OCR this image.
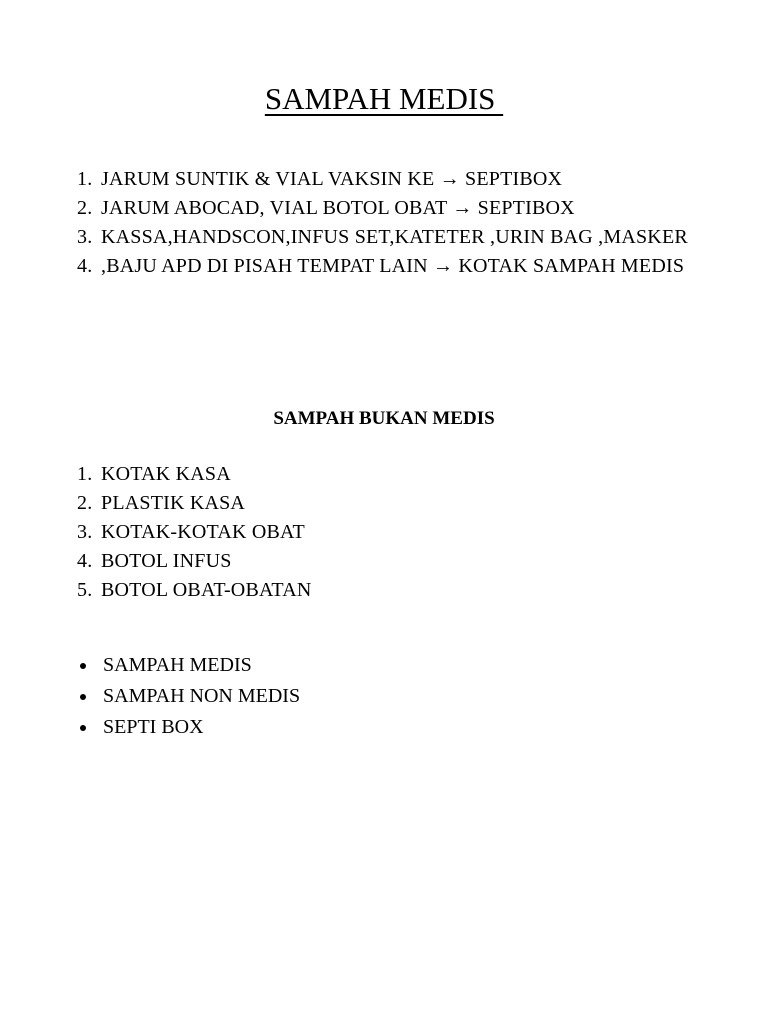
SAMPAH MEDIS
1. JARUM SUNTIK & VIAL VAKSIN KE → SEPTIBOX
2. JARUM ABOCAD, VIAL BOTOL OBAT → SEPTIBOX
3. KASSA,HANDSCON,INFUS SET,KATETER ,URIN BAG ,MASKER
4. ,BAJU APD DI PISAH TEMPAT LAIN → KOTAK SAMPAH MEDIS
SAMPAH BUKAN MEDIS
1. KOTAK KASA
2. PLASTIK KASA
3. KOTAK-KOTAK OBAT
4. BOTOL INFUS
5. BOTOL OBAT-OBATAN
SAMPAH MEDIS
SAMPAH NON MEDIS
SEPTI BOX
